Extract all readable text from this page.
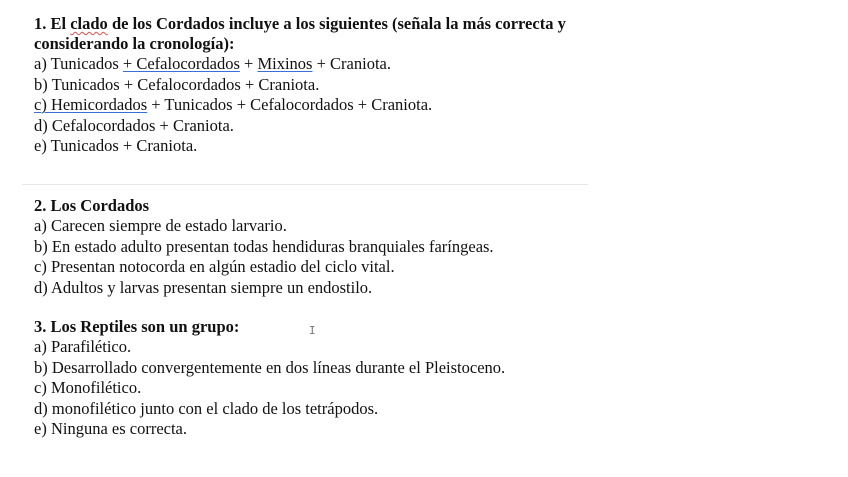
1. El clado de los Cordados incluye a los siguientes (señala la más correcta y
considerando la cronología):

a) Tunicados + Cefalocordados + Mixinos + Craniota.

b) Tunicados + Cefalocordados + Craniota.

c) Hemicordados + Tunicados + Cefalocordados + Craniota.

d) Cefalocordados + Craniota.

e) Tunicados + Craniota.

2. Los Cordados

a) Carecen siempre de estado larvario.

b) En estado adulto presentan todas hendiduras branquiales faríngeas.

c) Presentan notocorda en algún estadio del ciclo vital.

d) Adultos y larvas presentan siempre un endostilo.

3. Los Reptiles son un grupo:

a) Parafilético.

b) Desarrollado convergentemente en dos líneas durante el Pleistoceno.

c) Monofilético.

d) monofilético junto con el clado de los tetrápodos.

e) Ninguna es correcta.

I
